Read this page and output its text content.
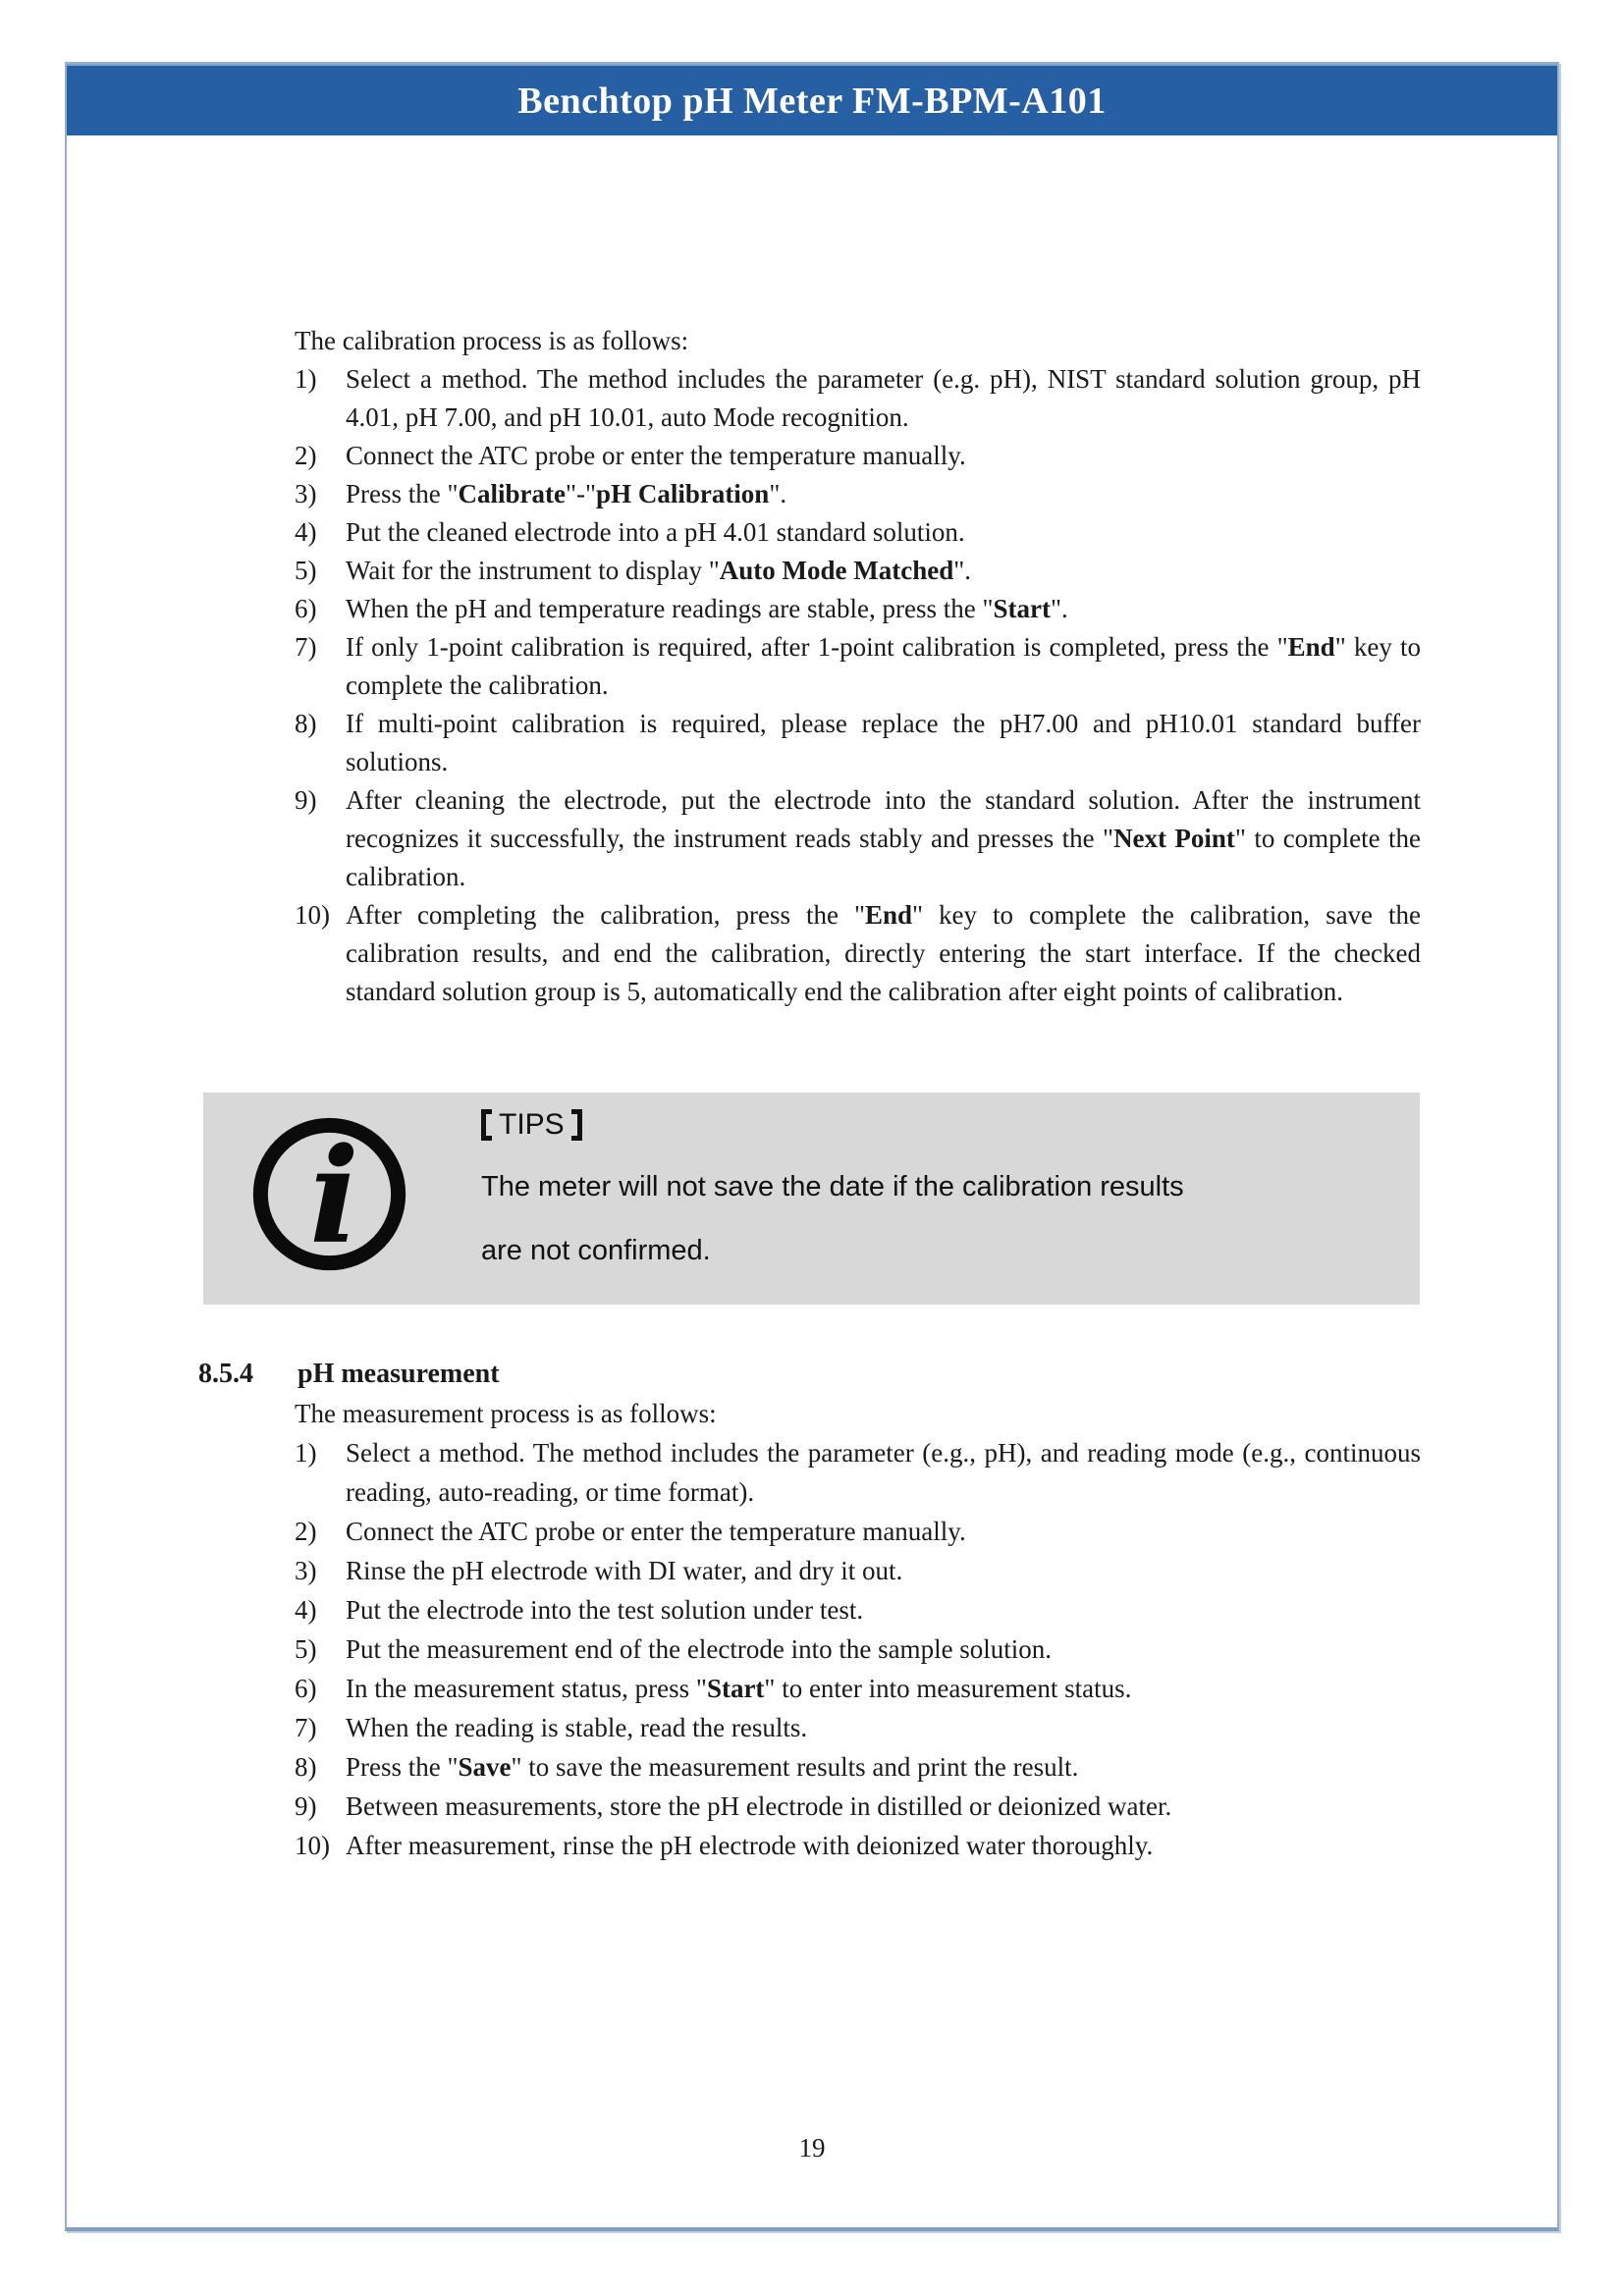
Benchtop pH Meter FM-BPM-A101
The calibration process is as follows:
1) Select a method. The method includes the parameter (e.g. pH), NIST standard solution group, pH 4.01, pH 7.00, and pH 10.01, auto Mode recognition.
2) Connect the ATC probe or enter the temperature manually.
3) Press the "Calibrate"-"pH Calibration".
4) Put the cleaned electrode into a pH 4.01 standard solution.
5) Wait for the instrument to display "Auto Mode Matched".
6) When the pH and temperature readings are stable, press the "Start".
7) If only 1-point calibration is required, after 1-point calibration is completed, press the "End" key to complete the calibration.
8) If multi-point calibration is required, please replace the pH7.00 and pH10.01 standard buffer solutions.
9) After cleaning the electrode, put the electrode into the standard solution. After the instrument recognizes it successfully, the instrument reads stably and presses the "Next Point" to complete the calibration.
10) After completing the calibration, press the "End" key to complete the calibration, save the calibration results, and end the calibration, directly entering the start interface. If the checked standard solution group is 5, automatically end the calibration after eight points of calibration.
i	TIPS
The meter will not save the date if the calibration results
are not confirmed.
8.5.4	pH measurement
The measurement process is as follows:
1) Select a method. The method includes the parameter (e.g., pH), and reading mode (e.g., continuous reading, auto-reading, or time format).
2) Connect the ATC probe or enter the temperature manually.
3) Rinse the pH electrode with DI water, and dry it out.
4) Put the electrode into the test solution under test.
5) Put the measurement end of the electrode into the sample solution.
6) In the measurement status, press "Start" to enter into measurement status.
7) When the reading is stable, read the results.
8) Press the "Save" to save the measurement results and print the result.
9) Between measurements, store the pH electrode in distilled or deionized water.
10) After measurement, rinse the pH electrode with deionized water thoroughly.
19
